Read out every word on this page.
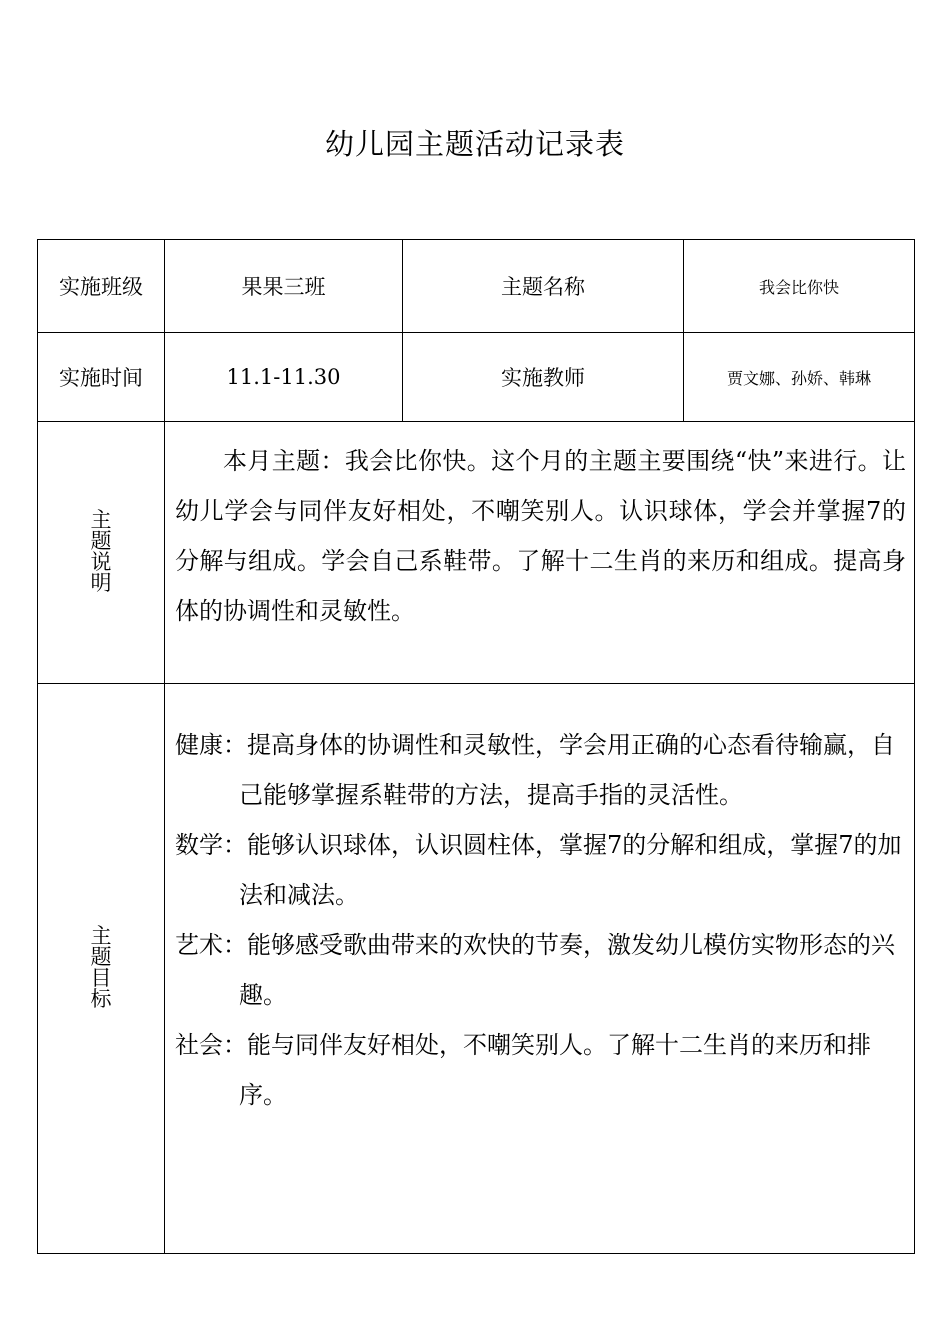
幼儿园主题活动记录表
实施班级	果果三班	主题名称	我会比你快
实施时间	11.1-11.30	实施教师	贾文娜、孙娇、韩琳
主题说明	本月主题：我会比你快。这个月的主题主要围绕“快”来进行。让幼儿学会与同伴友好相处，不嘲笑别人。认识球体，学会并掌握7的分解与组成。学会自己系鞋带。了解十二生肖的来历和组成。提高身体的协调性和灵敏性。		
主题目标	健康：提高身体的协调性和灵敏性，学会用正确的心态看待输赢，自己能够掌握系鞋带的方法，提高手指的灵活性。
数学：能够认识球体，认识圆柱体，掌握7的分解和组成，掌握7的加法和减法。
艺术：能够感受歌曲带来的欢快的节奏，激发幼儿模仿实物形态的兴趣。
社会：能与同伴友好相处，不嘲笑别人。了解十二生肖的来历和排序。		
